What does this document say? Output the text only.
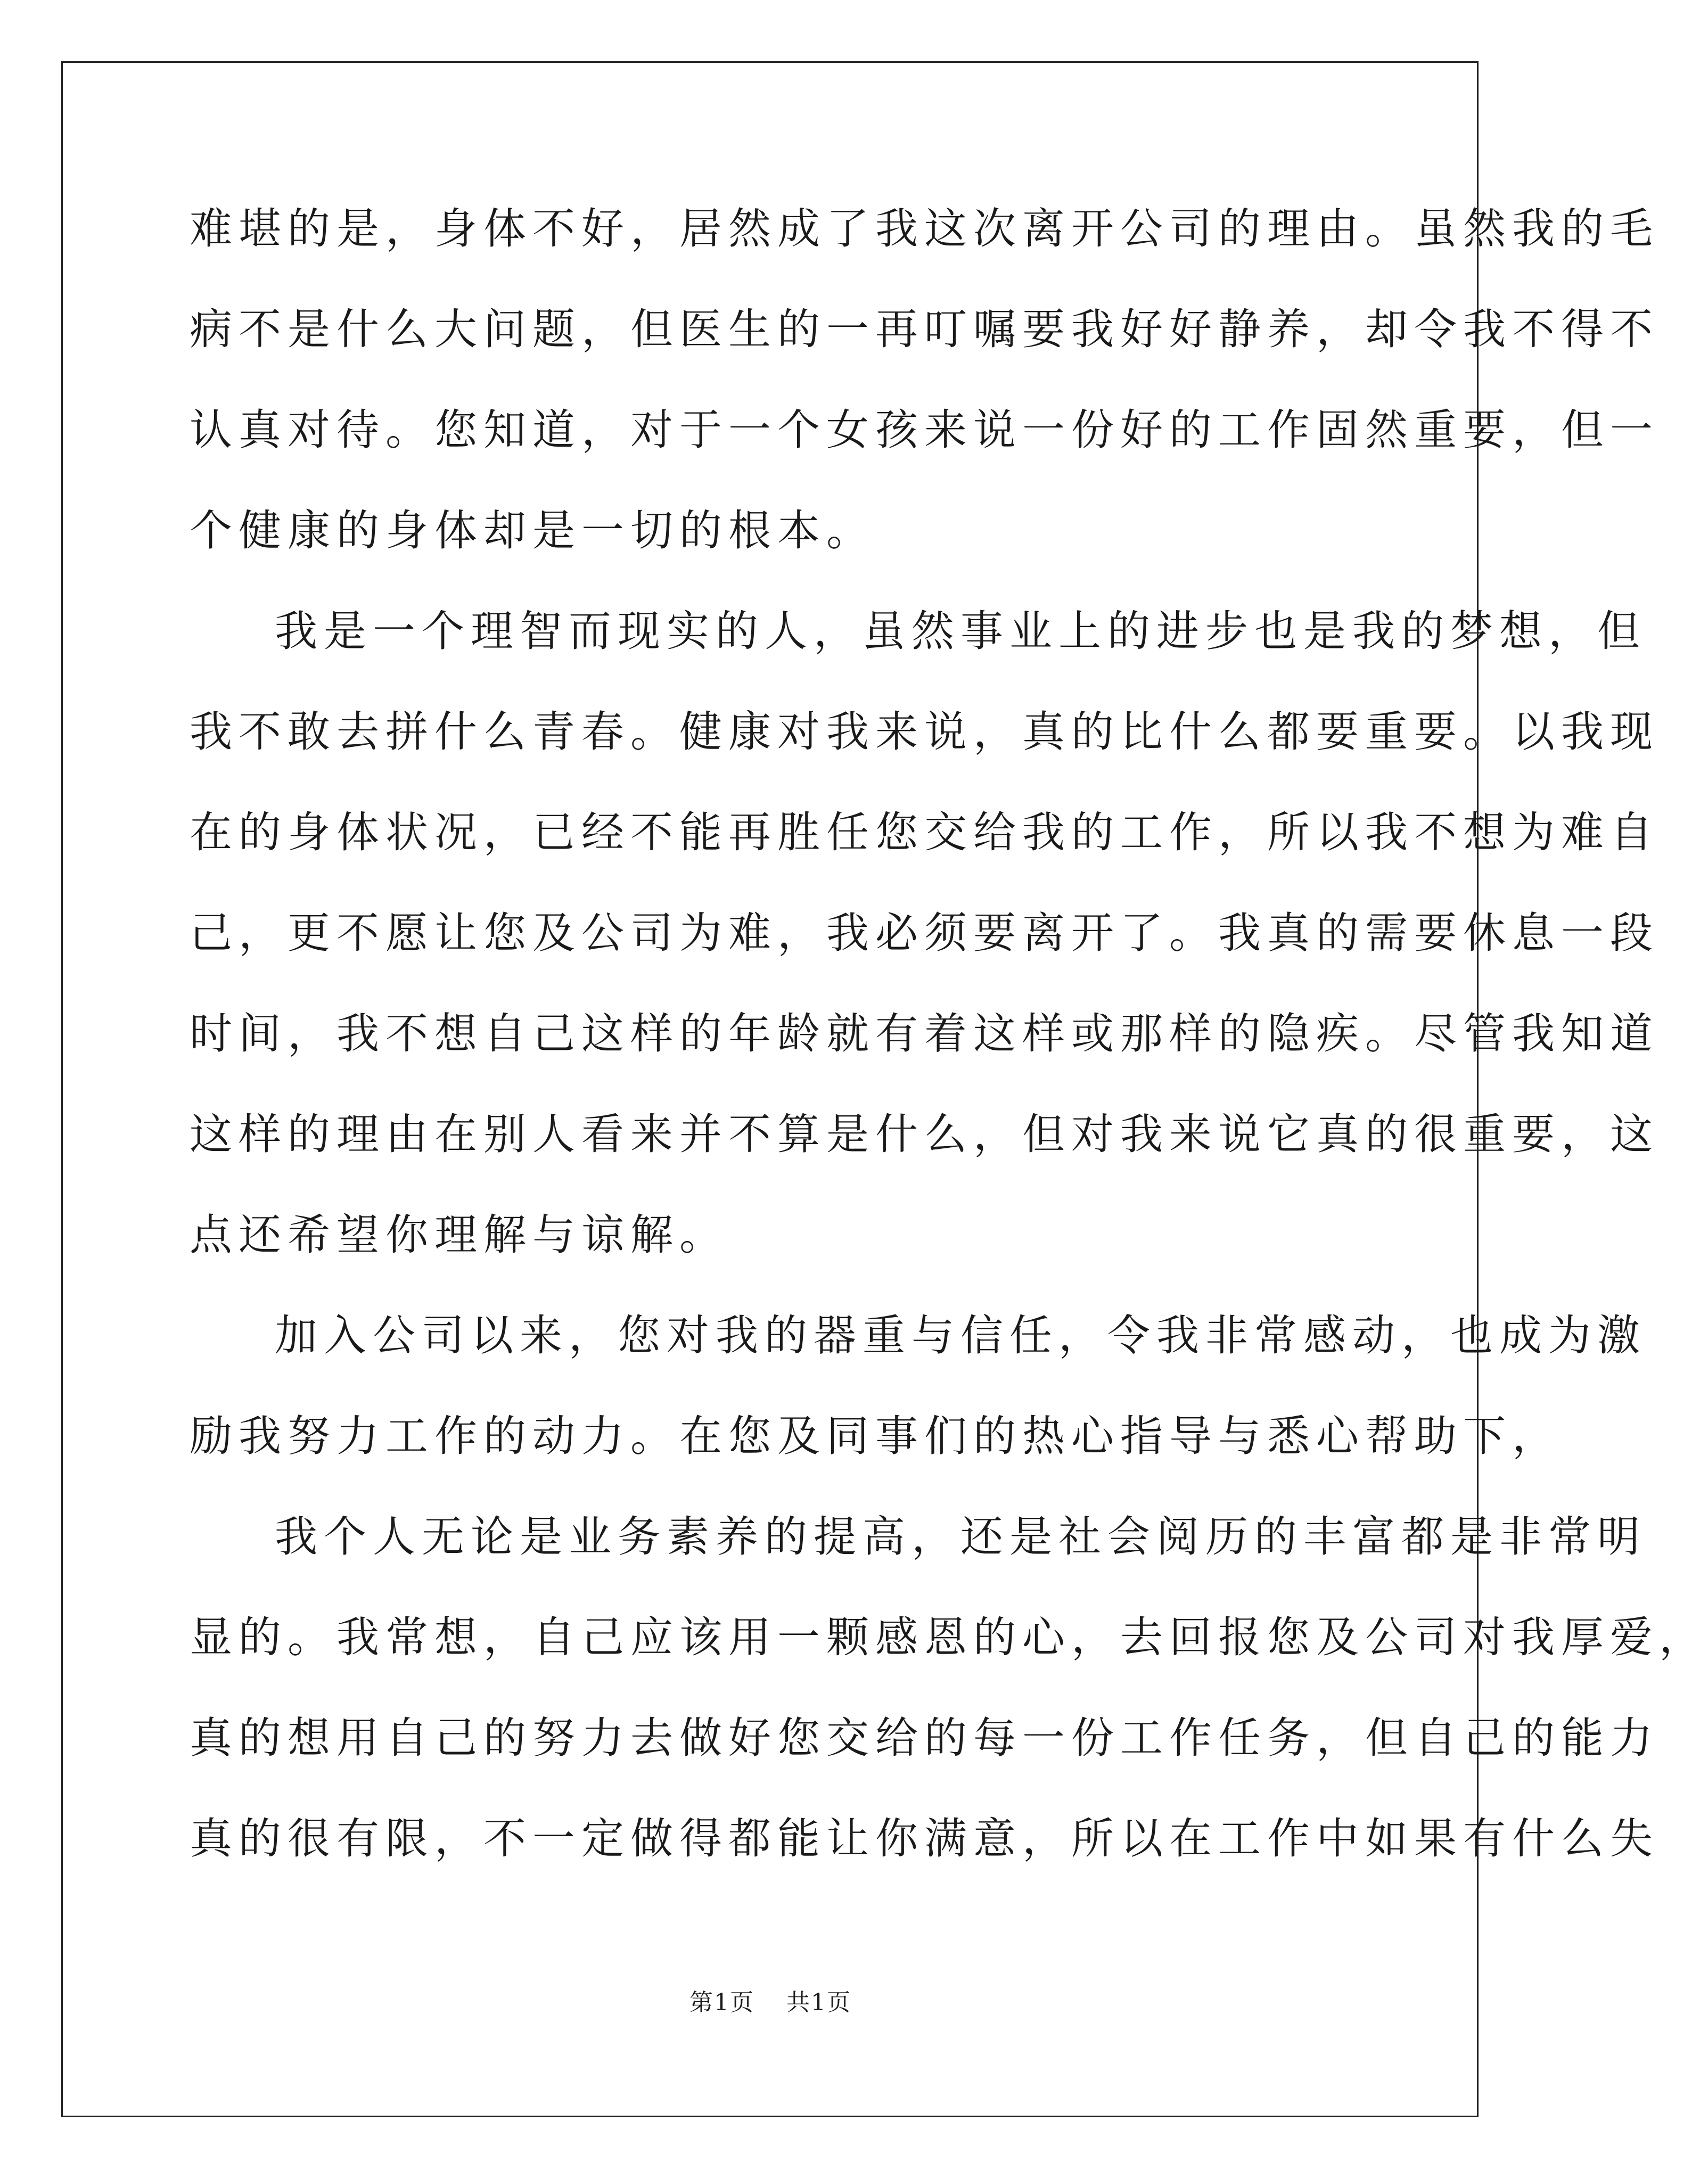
难堪的是，身体不好，居然成了我这次离开公司的理由。虽然我的毛
病不是什么大问题，但医生的一再叮嘱要我好好静养，却令我不得不
认真对待。您知道，对于一个女孩来说一份好的工作固然重要，但一
个健康的身体却是一切的根本。
我是一个理智而现实的人，虽然事业上的进步也是我的梦想，但
我不敢去拼什么青春。健康对我来说，真的比什么都要重要。以我现
在的身体状况，已经不能再胜任您交给我的工作，所以我不想为难自
己，更不愿让您及公司为难，我必须要离开了。我真的需要休息一段
时间，我不想自己这样的年龄就有着这样或那样的隐疾。尽管我知道
这样的理由在别人看来并不算是什么，但对我来说它真的很重要，这
点还希望你理解与谅解。
加入公司以来，您对我的器重与信任，令我非常感动，也成为激
励我努力工作的动力。在您及同事们的热心指导与悉心帮助下，
我个人无论是业务素养的提高，还是社会阅历的丰富都是非常明
显的。我常想，自己应该用一颗感恩的心，去回报您及公司对我厚爱，
真的想用自己的努力去做好您交给的每一份工作任务，但自己的能力
真的很有限，不一定做得都能让你满意，所以在工作中如果有什么失
第1页 共1页
